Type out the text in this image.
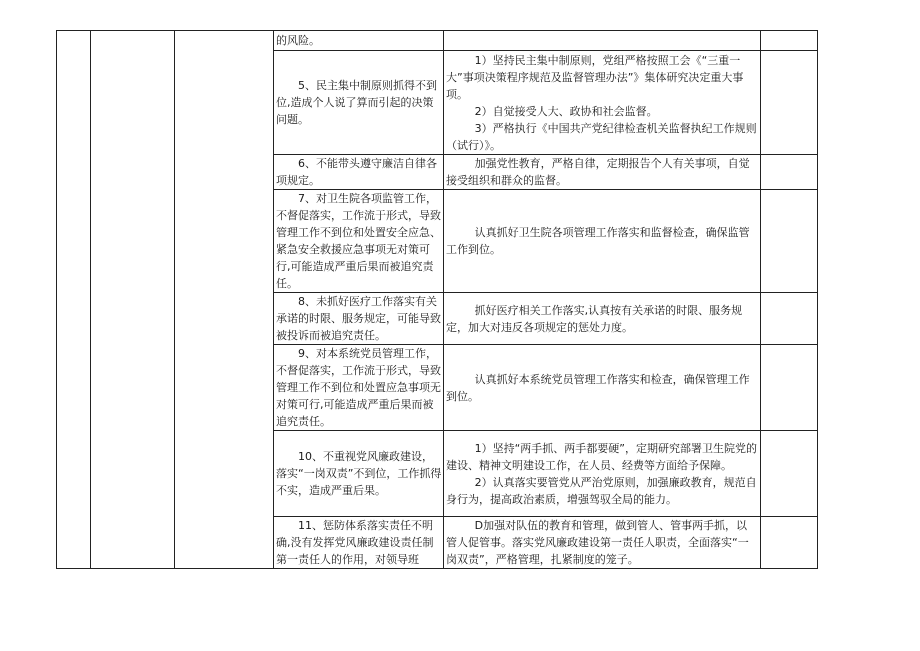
			的风险。		

			5、民主集中制原则抓得不到位,造成个人说了算而引起的决策问题。	1）坚持民主集中制原则，党组严格按照工会《“三重一大”事项决策程序规范及监督管理办法”》集体研究决定重大事项。
2）自觉接受人大、政协和社会监督。
3）严格执行《中国共产党纪律检查机关监督执纪工作规则（试行）》。	

			6、不能带头遵守廉洁自律各项规定。	加强党性教育，严格自律，定期报告个人有关事项，自觉接受组织和群众的监督。	

			7、对卫生院各项监管工作，不督促落实，工作流于形式，导致管理工作不到位和处置安全应急、紧急安全救援应急事项无对策可行,可能造成严重后果而被追究责任。	认真抓好卫生院各项管理工作落实和监督检查，确保监管工作到位。	

			8、未抓好医疗工作落实有关承诺的时限、服务规定，可能导致被投诉而被追究责任。	抓好医疗相关工作落实,认真按有关承诺的时限、服务规定，加大对违反各项规定的惩处力度。	

			9、对本系统党员管理工作，不督促落实，工作流于形式，导致管理工作不到位和处置应急事项无对策可行,可能造成严重后果而被追究责任。	认真抓好本系统党员管理工作落实和检查，确保管理工作到位。	

			10、不重视党风廉政建设，落实“一岗双责”不到位，工作抓得不实，造成严重后果。	1）坚持“两手抓、两手都要硬”，定期研究部署卫生院党的建设、精神文明建设工作，在人员、经费等方面给予保障。
2）认真落实要管党从严治党原则，加强廉政教育，规范自身行为，提高政治素质，增强驾驭全局的能力。	

			11、惩防体系落实责任不明确,没有发挥党风廉政建设责任制第一责任人的作用，对领导班	D加强对队伍的教育和管理，做到管人、管事两手抓，以管人促管事。落实党风廉政建设第一责任人职责，全面落实“一岗双责”，严格管理，扎紧制度的笼子。	
